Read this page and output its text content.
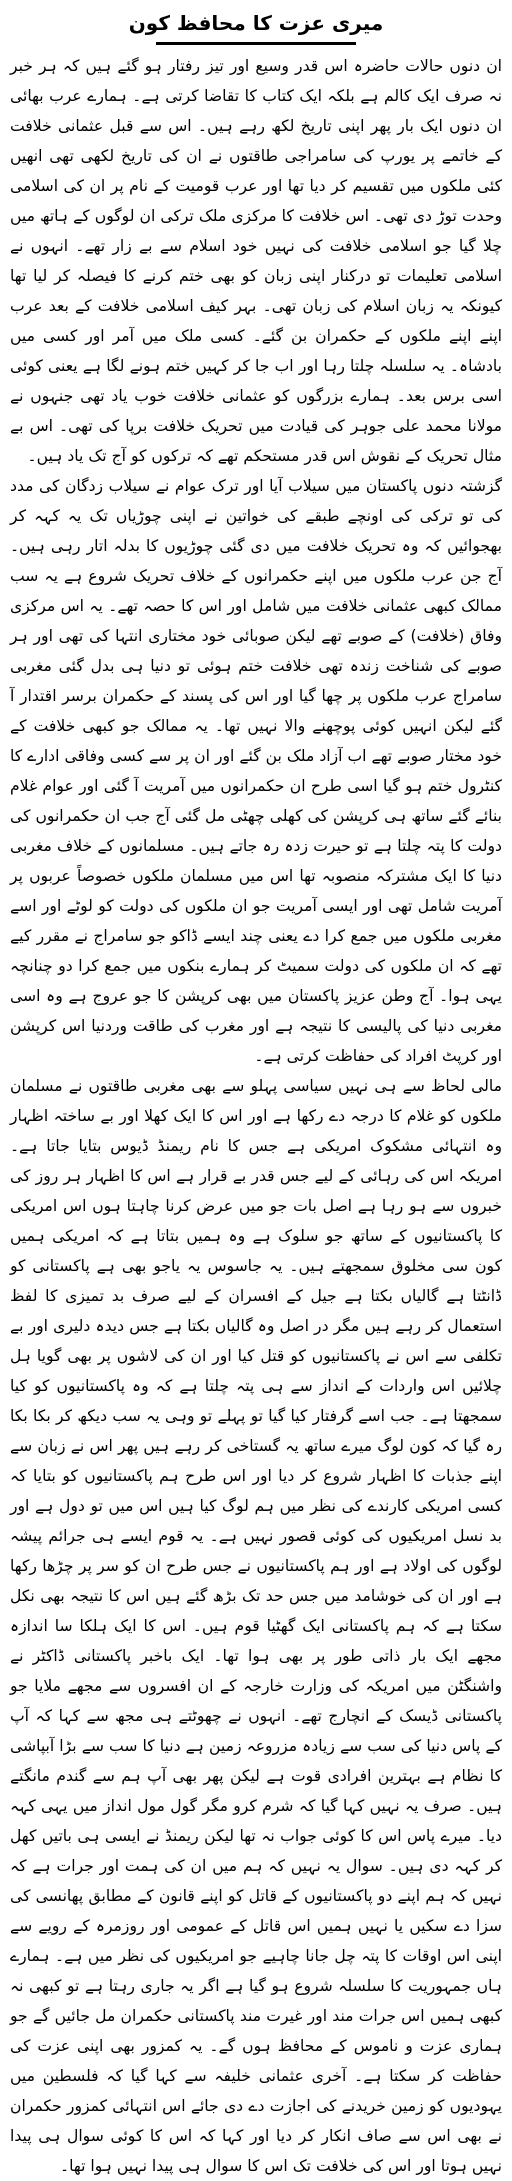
میری عزت کا محافظ کون

ان دنوں حالات حاضرہ اس قدر وسیع اور تیز رفتار ہو گئے ہیں کہ ہر خبر نہ صرف ایک کالم ہے بلکہ ایک کتاب کا تقاضا کرتی ہے۔ ہمارے عرب بھائی ان دنوں ایک بار پھر اپنی تاریخ لکھ رہے ہیں۔ اس سے قبل عثمانی خلافت کے خاتمے پر یورپ کی سامراجی طاقتوں نے ان کی تاریخ لکھی تھی انھیں کئی ملکوں میں تقسیم کر دیا تھا اور عرب قومیت کے نام پر ان کی اسلامی وحدت توڑ دی تھی۔ اس خلافت کا مرکزی ملک ترکی ان لوگوں کے ہاتھ میں چلا گیا جو اسلامی خلافت کی نہیں خود اسلام سے بے زار تھے۔ انہوں نے اسلامی تعلیمات تو درکنار اپنی زبان کو بھی ختم کرنے کا فیصلہ کر لیا تھا کیونکہ یہ زبان اسلام کی زبان تھی۔ بہر کیف اسلامی خلافت کے بعد عرب اپنے اپنے ملکوں کے حکمران بن گئے۔ کسی ملک میں آمر اور کسی میں بادشاہ۔ یہ سلسلہ چلتا رہا اور اب جا کر کہیں ختم ہونے لگا ہے یعنی کوئی اسی برس بعد۔ ہمارے بزرگوں کو عثمانی خلافت خوب یاد تھی جنہوں نے مولانا محمد علی جوہر کی قیادت میں تحریک خلافت برپا کی تھی۔ اس بے مثال تحریک کے نقوش اس قدر مستحکم تھے کہ ترکوں کو آج تک یاد ہیں۔

گزشتہ دنوں پاکستان میں سیلاب آیا اور ترک عوام نے سیلاب زدگان کی مدد کی تو ترکی کی اونچے طبقے کی خواتین نے اپنی چوڑیاں تک یہ کہہ کر بھجوائیں کہ وہ تحریک خلافت میں دی گئی چوڑیوں کا بدلہ اتار رہی ہیں۔ آج جن عرب ملکوں میں اپنے حکمرانوں کے خلاف تحریک شروع ہے یہ سب ممالک کبھی عثمانی خلافت میں شامل اور اس کا حصہ تھے۔ یہ اس مرکزی وفاق (خلافت) کے صوبے تھے لیکن صوبائی خود مختاری انتہا کی تھی اور ہر صوبے کی شناخت زندہ تھی خلافت ختم ہوئی تو دنیا ہی بدل گئی مغربی سامراج عرب ملکوں پر چھا گیا اور اس کی پسند کے حکمران برسر اقتدار آ گئے لیکن انہیں کوئی پوچھنے والا نہیں تھا۔ یہ ممالک جو کبھی خلافت کے خود مختار صوبے تھے اب آزاد ملک بن گئے اور ان پر سے کسی وفاقی ادارے کا کنٹرول ختم ہو گیا اسی طرح ان حکمرانوں میں آمریت آ گئی اور عوام غلام بنائے گئے ساتھ ہی کرپشن کی کھلی چھٹی مل گئی آج جب ان حکمرانوں کی دولت کا پتہ چلتا ہے تو حیرت زدہ رہ جاتے ہیں۔ مسلمانوں کے خلاف مغربی دنیا کا ایک مشترکہ منصوبہ تھا اس میں مسلمان ملکوں خصوصاً عربوں پر آمریت شامل تھی اور ایسی آمریت جو ان ملکوں کی دولت کو لوٹے اور اسے مغربی ملکوں میں جمع کرا دے یعنی چند ایسے ڈاکو جو سامراج نے مقرر کیے تھے کہ ان ملکوں کی دولت سمیٹ کر ہمارے بنکوں میں جمع کرا دو چنانچہ یہی ہوا۔ آج وطن عزیز پاکستان میں بھی کرپشن کا جو عروج ہے وہ اسی مغربی دنیا کی پالیسی کا نتیجہ ہے اور مغرب کی طاقت وردنیا اس کرپشن اور کرپٹ افراد کی حفاظت کرتی ہے۔

مالی لحاظ سے ہی نہیں سیاسی پہلو سے بھی مغربی طاقتوں نے مسلمان ملکوں کو غلام کا درجہ دے رکھا ہے اور اس کا ایک کھلا اور بے ساختہ اظہار وہ انتہائی مشکوک امریکی ہے جس کا نام ریمنڈ ڈیوس بتایا جاتا ہے۔ امریکہ اس کی رہائی کے لیے جس قدر بے قرار ہے اس کا اظہار ہر روز کی خبروں سے ہو رہا ہے اصل بات جو میں عرض کرنا چاہتا ہوں اس امریکی کا پاکستانیوں کے ساتھ جو سلوک ہے وہ ہمیں بتاتا ہے کہ امریکی ہمیں کون سی مخلوق سمجھتے ہیں۔ یہ جاسوس یہ یاجو بھی ہے پاکستانی کو ڈانٹتا ہے گالیاں بکتا ہے جیل کے افسران کے لیے صرف بد تمیزی کا لفظ استعمال کر رہے ہیں مگر در اصل وہ گالیاں بکتا ہے جس دیدہ دلیری اور بے تکلفی سے اس نے پاکستانیوں کو قتل کیا اور ان کی لاشوں پر بھی گویا ہل چلائیں اس واردات کے انداز سے ہی پتہ چلتا ہے کہ وہ پاکستانیوں کو کیا سمجھتا ہے۔ جب اسے گرفتار کیا گیا تو پہلے تو وہی یہ سب دیکھ کر بکا بکا رہ گیا کہ کون لوگ میرے ساتھ یہ گستاخی کر رہے ہیں پھر اس نے زبان سے اپنے جذبات کا اظہار شروع کر دیا اور اس طرح ہم پاکستانیوں کو بتایا کہ کسی امریکی کارندے کی نظر میں ہم لوگ کیا ہیں اس میں تو دول ہے اور بد نسل امریکیوں کی کوئی قصور نہیں ہے۔ یہ قوم ایسے ہی جرائم پیشہ لوگوں کی اولاد ہے اور ہم پاکستانیوں نے جس طرح ان کو سر پر چڑھا رکھا ہے اور ان کی خوشامد میں جس حد تک بڑھ گئے ہیں اس کا نتیجہ بھی نکل سکتا ہے کہ ہم پاکستانی ایک گھٹیا قوم ہیں۔ اس کا ایک ہلکا سا اندازہ مجھے ایک بار ذاتی طور پر بھی ہوا تھا۔ ایک باخبر پاکستانی ڈاکٹر نے واشنگٹن میں امریکہ کی وزارت خارجہ کے ان افسروں سے مجھے ملایا جو پاکستانی ڈیسک کے انچارج تھے۔ انہوں نے چھوٹتے ہی مجھ سے کہا کہ آپ کے پاس دنیا کی سب سے زیادہ مزروعہ زمین ہے دنیا کا سب سے بڑا آبپاشی کا نظام ہے بہترین افرادی قوت ہے لیکن پھر بھی آپ ہم سے گندم مانگتے ہیں۔ صرف یہ نہیں کہا گیا کہ شرم کرو مگر گول مول انداز میں یہی کہہ دیا۔ میرے پاس اس کا کوئی جواب نہ تھا لیکن ریمنڈ نے ایسی ہی باتیں کھل کر کہہ دی ہیں۔ سوال یہ نہیں کہ ہم میں ان کی ہمت اور جرات ہے کہ نہیں کہ ہم اپنے دو پاکستانیوں کے قاتل کو اپنے قانون کے مطابق پھانسی کی سزا دے سکیں یا نہیں ہمیں اس قاتل کے عمومی اور روزمرہ کے رویے سے اپنی اس اوقات کا پتہ چل جانا چاہیے جو امریکیوں کی نظر میں ہے۔ ہمارے ہاں جمہوریت کا سلسلہ شروع ہو گیا ہے اگر یہ جاری رہتا ہے تو کبھی نہ کبھی ہمیں اس جرات مند اور غیرت مند پاکستانی حکمران مل جائیں گے جو ہماری عزت و ناموس کے محافظ ہوں گے۔ یہ کمزور بھی اپنی عزت کی حفاظت کر سکتا ہے۔ آخری عثمانی خلیفہ سے کہا گیا کہ فلسطین میں یہودیوں کو زمین خریدنے کی اجازت دے دی جائے اس انتہائی کمزور حکمران نے بھی اس سے صاف انکار کر دیا اور کہا کہ اس کا کوئی سوال ہی پیدا نہیں ہوتا اور اس کی خلافت تک اس کا سوال ہی پیدا نہیں ہوا تھا۔
